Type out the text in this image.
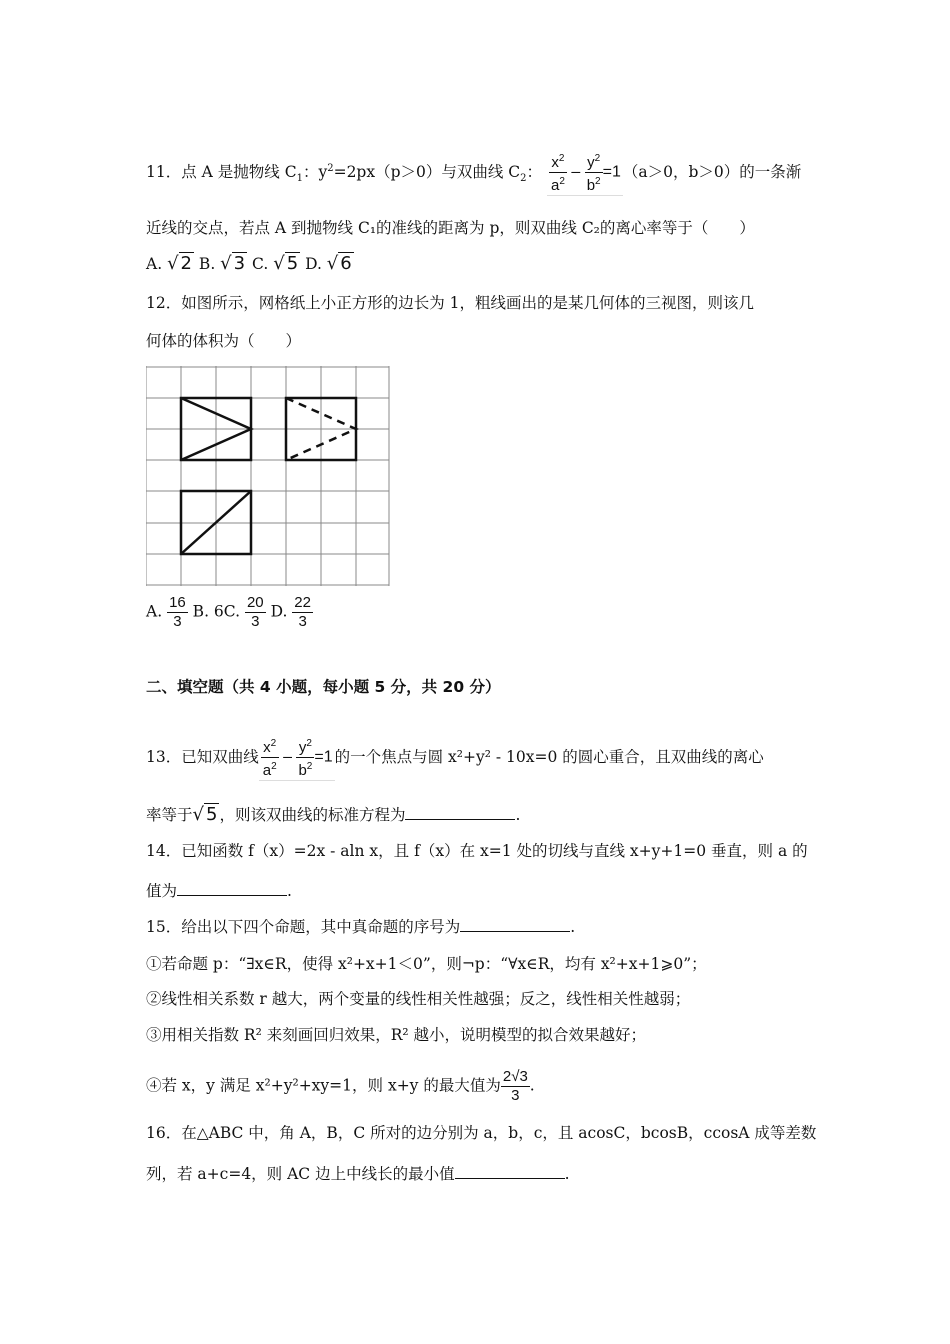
11．点 A 是抛物线 $C_1$：$y^2=2px(p>0)$与双曲线 $C_2$： $\frac{x^2}{a^2} - \frac{y^2}{b^2} =1$ （a＞0，b＞0）的一条渐
近线的交点，若点 A 到抛物线 C₁的准线的距离为 p，则双曲线 C₂的离心率等于（　　）
A. √ 2 B. √ 3 C. √ 5 D. √ 6
12．如图所示，网格纸上小正方形的边长为 1，粗线画出的是某几何体的三视图，则该几
何体的体积为（　　）
A. $\frac{16}{3} B$. 6C. $\frac{20}{3} D$. $\frac{22}{3}$
二、填空题（共 4 小题，每小题 5 分，共 20 分）
13．已知双曲线 $\frac{x^2}{a^2} - \frac{y^2}{b^2} =1$ 的一个焦点与圆 x²+y² - 10x=0 的圆心重合，且双曲线的离心
率等于√ 5 ，则该双曲线的标准方程为	.
14．已知函数 f（x）=2x - aln x，且 f（x）在 x=1 处的切线与直线 x+y+1=0 垂直，则 a 的
值为	.
15．给出以下四个命题，其中真命题的序号为	.
①若命题 p：“∃x∈R，使得 x²+x+1＜0”，则¬p：“∀x∈R，均有 x²+x+1⩾0”；
②线性相关系数 r 越大，两个变量的线性相关性越强；反之，线性相关性越弱；
③用相关指数 R² 来刻画回归效果，R² 越小，说明模型的拟合效果越好；
④若 x，y 满足 x²+y²+xy=1，则 x+y 的最大值为 $\frac{2√3}{3}$ .
16．在△ABC 中，角 A，B，C 所对的边分别为 a，b，c，且 acosC，bcosB，ccosA 成等差数
列，若 a+c=4，则 AC 边上中线长的最小值	.
